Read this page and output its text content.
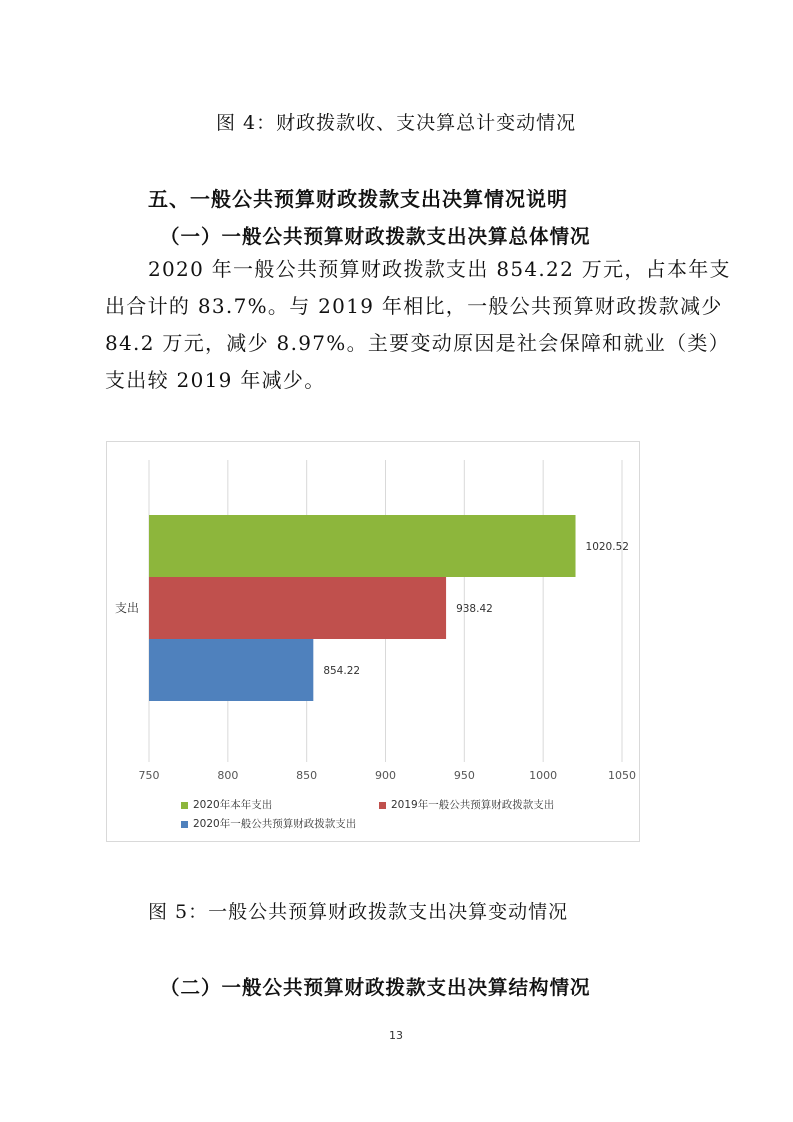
图 4：财政拨款收、支决算总计变动情况
五、一般公共预算财政拨款支出决算情况说明
（一）一般公共预算财政拨款支出决算总体情况
2020 年一般公共预算财政拨款支出 854.22 万元，占本年支
出合计的 83.7%。与 2019 年相比，一般公共预算财政拨款减少
84.2 万元，减少 8.97%。主要变动原因是社会保障和就业（类）
支出较 2019 年减少。
750	800	850	900	950	1000	1050
1020.52
938.42
854.22
支出
2020年本年支出	2019年一般公共预算财政拨款支出
2020年一般公共预算财政拨款支出
图 5：一般公共预算财政拨款支出决算变动情况
（二）一般公共预算财政拨款支出决算结构情况
13
